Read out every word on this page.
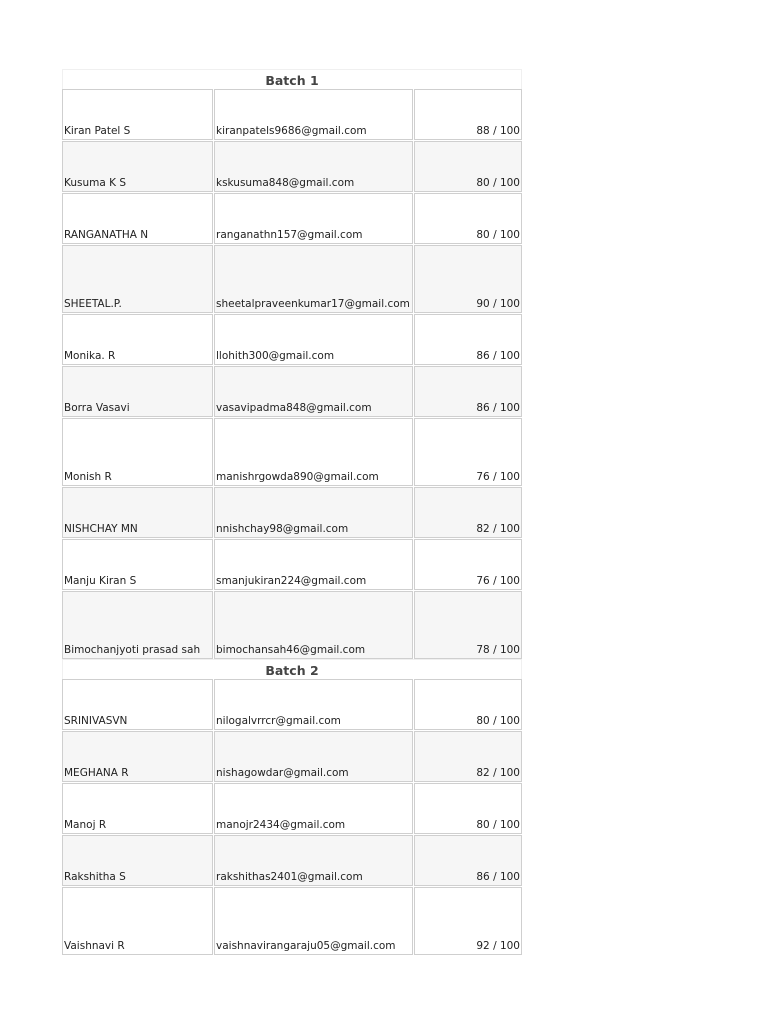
Batch 1
Kiran Patel S	kiranpatels9686@gmail.com	88 / 100
Kusuma K S	kskusuma848@gmail.com	80 / 100
RANGANATHA N	ranganathn157@gmail.com	80 / 100
SHEETAL.P.	sheetalpraveenkumar17@gmail.com	90 / 100
Monika. R	llohith300@gmail.com	86 / 100
Borra Vasavi	vasavipadma848@gmail.com	86 / 100
Monish R	manishrgowda890@gmail.com	76 / 100
NISHCHAY MN	nnishchay98@gmail.com	82 / 100
Manju Kiran S	smanjukiran224@gmail.com	76 / 100
Bimochanjyoti prasad sah	bimochansah46@gmail.com	78 / 100
Batch 2
SRINIVASVN	nilogalvrrcr@gmail.com	80 / 100
MEGHANA R	nishagowdar@gmail.com	82 / 100
Manoj R	manojr2434@gmail.com	80 / 100
Rakshitha S	rakshithas2401@gmail.com	86 / 100
Vaishnavi R	vaishnavirangaraju05@gmail.com	92 / 100
